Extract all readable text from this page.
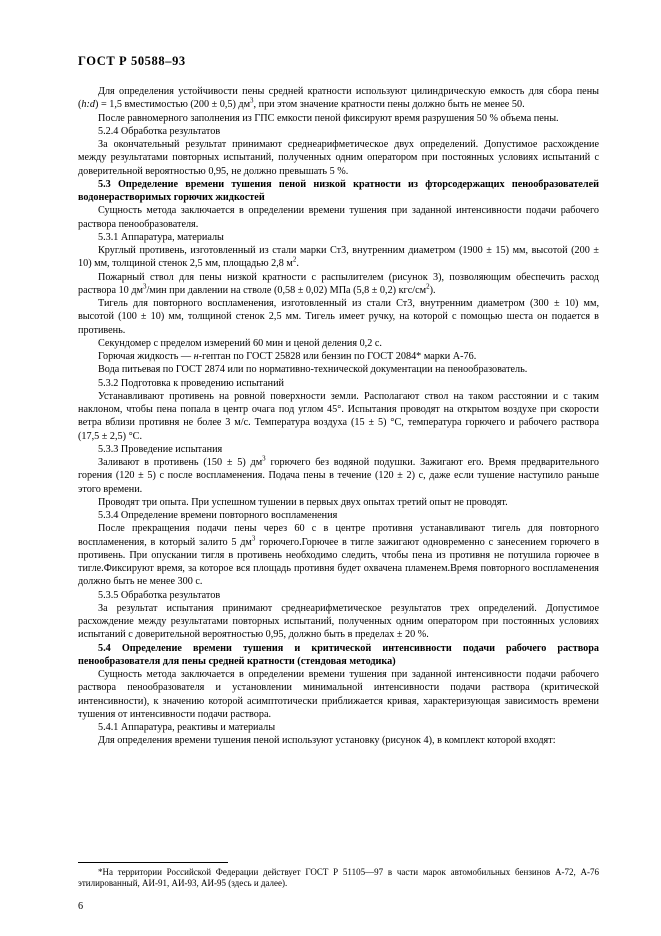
ГОСТ Р 50588–93

Для определения устойчивости пены средней кратности используют цилиндрическую емкость для сбора пены (h:d) = 1,5 вместимостью (200 ± 0,5) $дм^3$, при этом значение кратности пены должно быть не менее 50.

После равномерного заполнения из ГПС емкости пеной фиксируют время разрушения 50 % объема пены.

5.2.4 Обработка результатов

За окончательный результат принимают среднеарифметическое двух определений. Допустимое расхождение между результатами повторных испытаний, полученных одним оператором при постоянных условиях испытаний с доверительной вероятностью 0,95, не должно превышать 5 %.

5.3 Определение времени тушения пеной низкой кратности из фторсодержащих пенообразователей водонерастворимых горючих жидкостей

Сущность метода заключается в определении времени тушения при заданной интенсивности подачи рабочего раствора пенообразователя.

5.3.1 Аппаратура, материалы

Круглый противень, изготовленный из стали марки Ст3, внутренним диаметром (1900 ± 15) мм, высотой (200 ± 10) мм, толщиной стенок 2,5 мм, площадью 2,8 $м^2$.

Пожарный ствол для пены низкой кратности с распылителем (рисунок 3), позволяющим обеспечить расход раствора 10 $дм^3$/мин при давлении на стволе (0,58 ± 0,02) МПа (5,8 ± 0,2) кгс/$см^2$).

Тигель для повторного воспламенения, изготовленный из стали Ст3, внутренним диаметром (300 ± 10) мм, высотой (100 ± 10) мм, толщиной стенок 2,5 мм. Тигель имеет ручку, на которой с помощью шеста он подается в противень.

Секундомер с пределом измерений 60 мин и ценой деления 0,2 с.

Горючая жидкость — н-гептан по ГОСТ 25828 или бензин по ГОСТ 2084* марки А-76.

Вода питьевая по ГОСТ 2874 или по нормативно-технической документации на пенообразователь.

5.3.2 Подготовка к проведению испытаний

Устанавливают противень на ровной поверхности земли. Располагают ствол на таком расстоянии и с таким наклоном, чтобы пена попала в центр очага под углом 45°. Испытания проводят на открытом воздухе при скорости ветра вблизи противня не более 3 м/с. Температура воздуха (15 ± 5) °С, температура горючего и рабочего раствора (17,5 ± 2,5) °С.

5.3.3 Проведение испытания

Заливают в противень (150 ± 5) $дм^3$ горючего без водяной подушки. Зажигают его. Время предварительного горения (120 ± 5) с после воспламенения. Подача пены в течение (120 ± 2) с, даже если тушение наступило раньше этого времени.

Проводят три опыта. При успешном тушении в первых двух опытах третий опыт не проводят.

5.3.4 Определение времени повторного воспламенения

После прекращения подачи пены через 60 с в центре противня устанавливают тигель для повторного воспламенения, в который залито 5 $дм^3$ горючего.Горючее в тигле зажигают одновременно с занесением горючего в противень. При опускании тигля в противень необходимо следить, чтобы пена из противня не потушила горючее в тигле.Фиксируют время, за которое вся площадь противня будет охвачена пламенем.Время повторного воспламенения должно быть не менее 300 с.

5.3.5 Обработка результатов

За результат испытания принимают среднеарифметическое результатов трех определений. Допустимое расхождение между результатами повторных испытаний, полученных одним оператором при постоянных условиях испытаний с доверительной вероятностью 0,95, должно быть в пределах ± 20 %.

5.4 Определение времени тушения и критической интенсивности подачи рабочего раствора пенообразователя для пены средней кратности (стендовая методика)

Сущность метода заключается в определении времени тушения при заданной интенсивности подачи рабочего раствора пенообразователя и установлении минимальной интенсивности подачи раствора (критической интенсивности), к значению которой асимптотически приближается кривая, характеризующая зависимость времени тушения от интенсивности подачи раствора.

5.4.1 Аппаратура, реактивы и материалы

Для определения времени тушения пеной используют установку (рисунок 4), в комплект которой входят:

*На территории Российской Федерации действует ГОСТ Р 51105—97 в части марок автомобильных бензинов А-72, А-76 этилированный, АИ-91, АИ-93, АИ-95 (здесь и далее).

6
